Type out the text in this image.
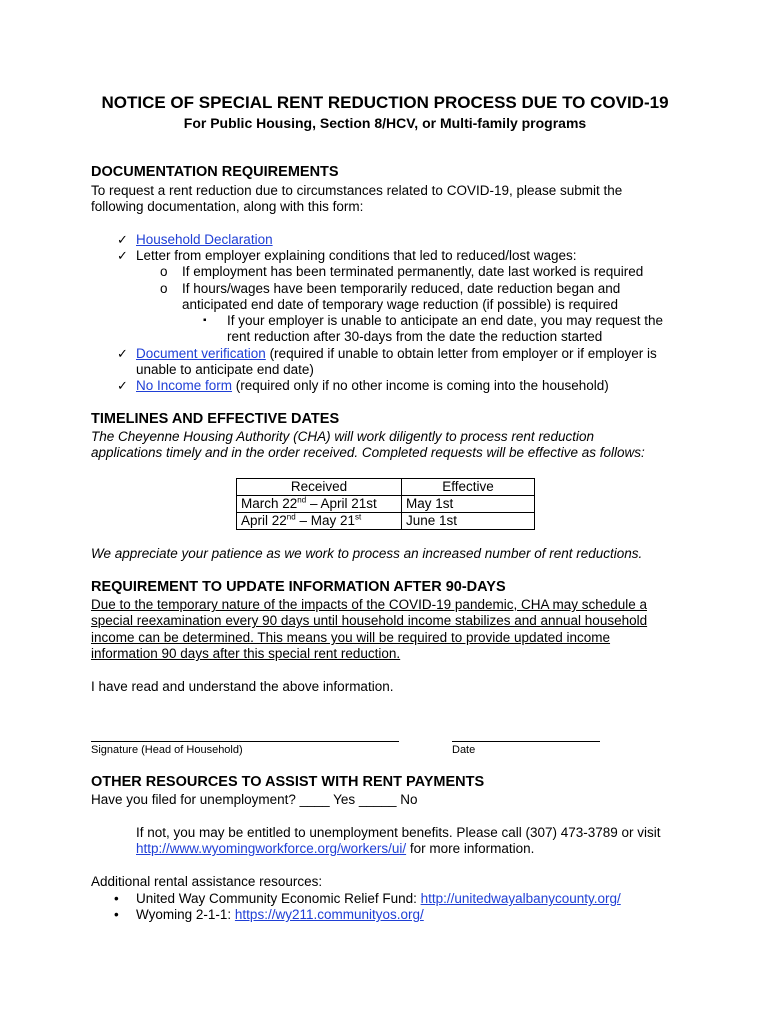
NOTICE OF SPECIAL RENT REDUCTION PROCESS DUE TO COVID-19
For Public Housing, Section 8/HCV, or Multi-family programs
DOCUMENTATION REQUIREMENTS
To request a rent reduction due to circumstances related to COVID-19, please submit the
following documentation, along with this form:
✓ Household Declaration
✓ Letter from employer explaining conditions that led to reduced/lost wages:
o If employment has been terminated permanently, date last worked is required
o If hours/wages have been temporarily reduced, date reduction began and
anticipated end date of temporary wage reduction (if possible) is required
▪ If your employer is unable to anticipate an end date, you may request the
rent reduction after 30-days from the date the reduction started
✓ Document verification (required if unable to obtain letter from employer or if employer is
unable to anticipate end date)
✓ No Income form (required only if no other income is coming into the household)
TIMELINES AND EFFECTIVE DATES
The Cheyenne Housing Authority (CHA) will work diligently to process rent reduction
applications timely and in the order received. Completed requests will be effective as follows:
Received	Effective
March 22nd – April 21st	May 1st
April 22nd – May 21st	June 1st
We appreciate your patience as we work to process an increased number of rent reductions.
REQUIREMENT TO UPDATE INFORMATION AFTER 90-DAYS
Due to the temporary nature of the impacts of the COVID-19 pandemic, CHA may schedule a
special reexamination every 90 days until household income stabilizes and annual household
income can be determined. This means you will be required to provide updated income
information 90 days after this special rent reduction.
I have read and understand the above information.
Signature (Head of Household)	Date
OTHER RESOURCES TO ASSIST WITH RENT PAYMENTS
Have you filed for unemployment? ____ Yes _____ No
If not, you may be entitled to unemployment benefits. Please call (307) 473-3789 or visit
http://www.wyomingworkforce.org/workers/ui/ for more information.
Additional rental assistance resources:
• United Way Community Economic Relief Fund: http://unitedwayalbanycounty.org/
• Wyoming 2-1-1: https://wy211.communityos.org/
